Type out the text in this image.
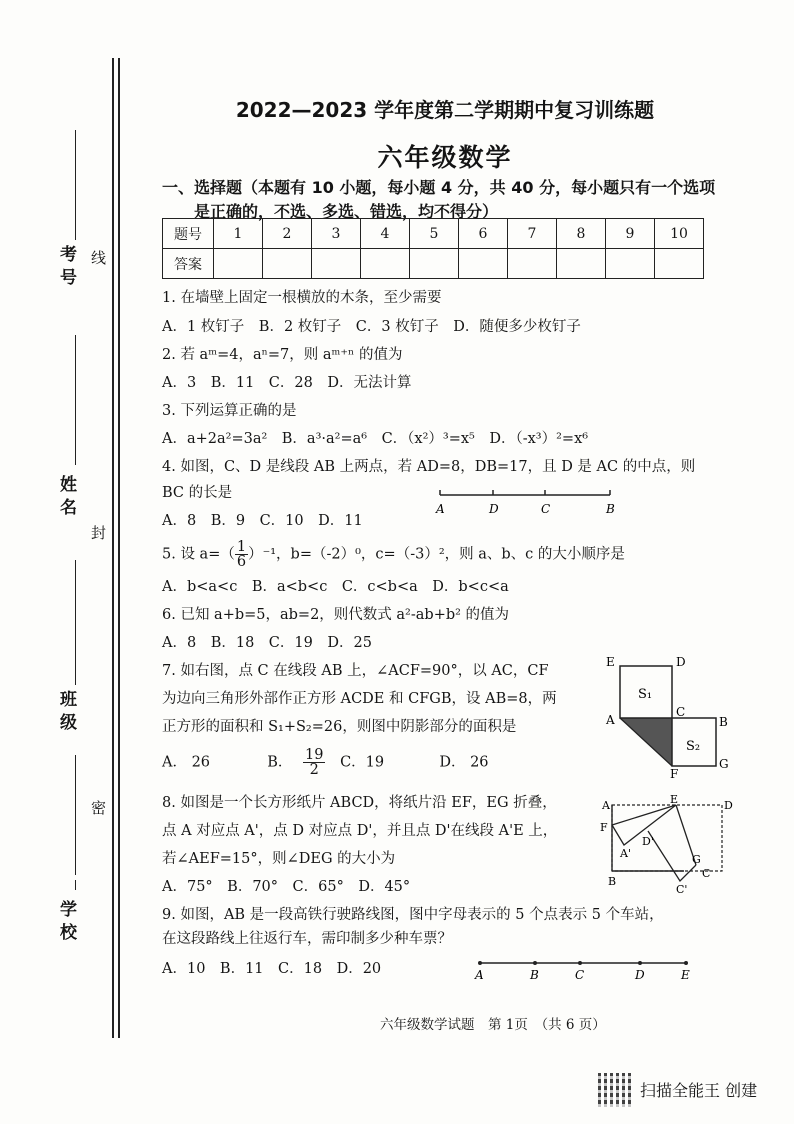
考号 线
姓名
封
班级
密
学校
2022—2023 学年度第二学期期中复习训练题
六年级数学
一、选择题（本题有 10 小题，每小题 4 分，共 40 分，每小题只有一个选项
是正确的，不选、多选、错选，均不得分）
题号	1	2	3	4	5	6	7	8	9	10
答案										
1. 在墙壁上固定一根横放的木条，至少需要
A．1 枚钉子　B．2 枚钉子　C．3 枚钉子　D．随便多少枚钉子
2. 若 aᵐ=4，aⁿ=7，则 aᵐ⁺ⁿ 的值为
A．3　B．11　C．28　D．无法计算
3. 下列运算正确的是
A．a+2a²=3a²　B．a³·a²=a⁶　C．（x²）³=x⁵　D．（-x³）²=x⁶
4. 如图，C、D 是线段 AB 上两点，若 AD=8，DB=17，且 D 是 AC 的中点，则
BC 的长是
A．8　B．9　C．10　D．11
5. 设 $a=( \frac{1}{6} )^{-1}$，b=（-2）⁰，c=（-3）²，则 a、b、c 的大小顺序是
A．b<a<c　B．a<b<c　C．c<b<a　D．b<c<a
6. 已知 a+b=5，ab=2，则代数式 a²-ab+b² 的值为
A．8　B．18　C．19　D．25
7. 如右图，点 C 在线段 AB 上，∠ACF=90°，以 AC，CF
为边向三角形外部作正方形 ACDE 和 CFGB，设 AB=8，两
正方形的面积和 S₁+S₂=26，则图中阴影部分的面积是
A． 26	B． $\frac{19}{2}$ C．19	D． 26
8. 如图是一个长方形纸片 ABCD，将纸片沿 EF，EG 折叠，
点 A 对应点 A'，点 D 对应点 D'，并且点 D'在线段 A'E 上，
若∠AEF=15°，则∠DEG 的大小为
A．75°　B．70°　C．65°　D．45°
9. 如图，AB 是一段高铁行驶路线图，图中字母表示的 5 个点表示 5 个车站，
在这段路线上往返行车，需印制多少种车票？
A．10　B．11　C．18　D．20
A	D	C	B
E	D
S₁
A
C
B
S₂
F
G
A	E	D
F
D'
A'	G
B
C'
C
A	B	C	D	E
六年级数学试题　第 1页　（共 6 页）
扫描全能王 创建
